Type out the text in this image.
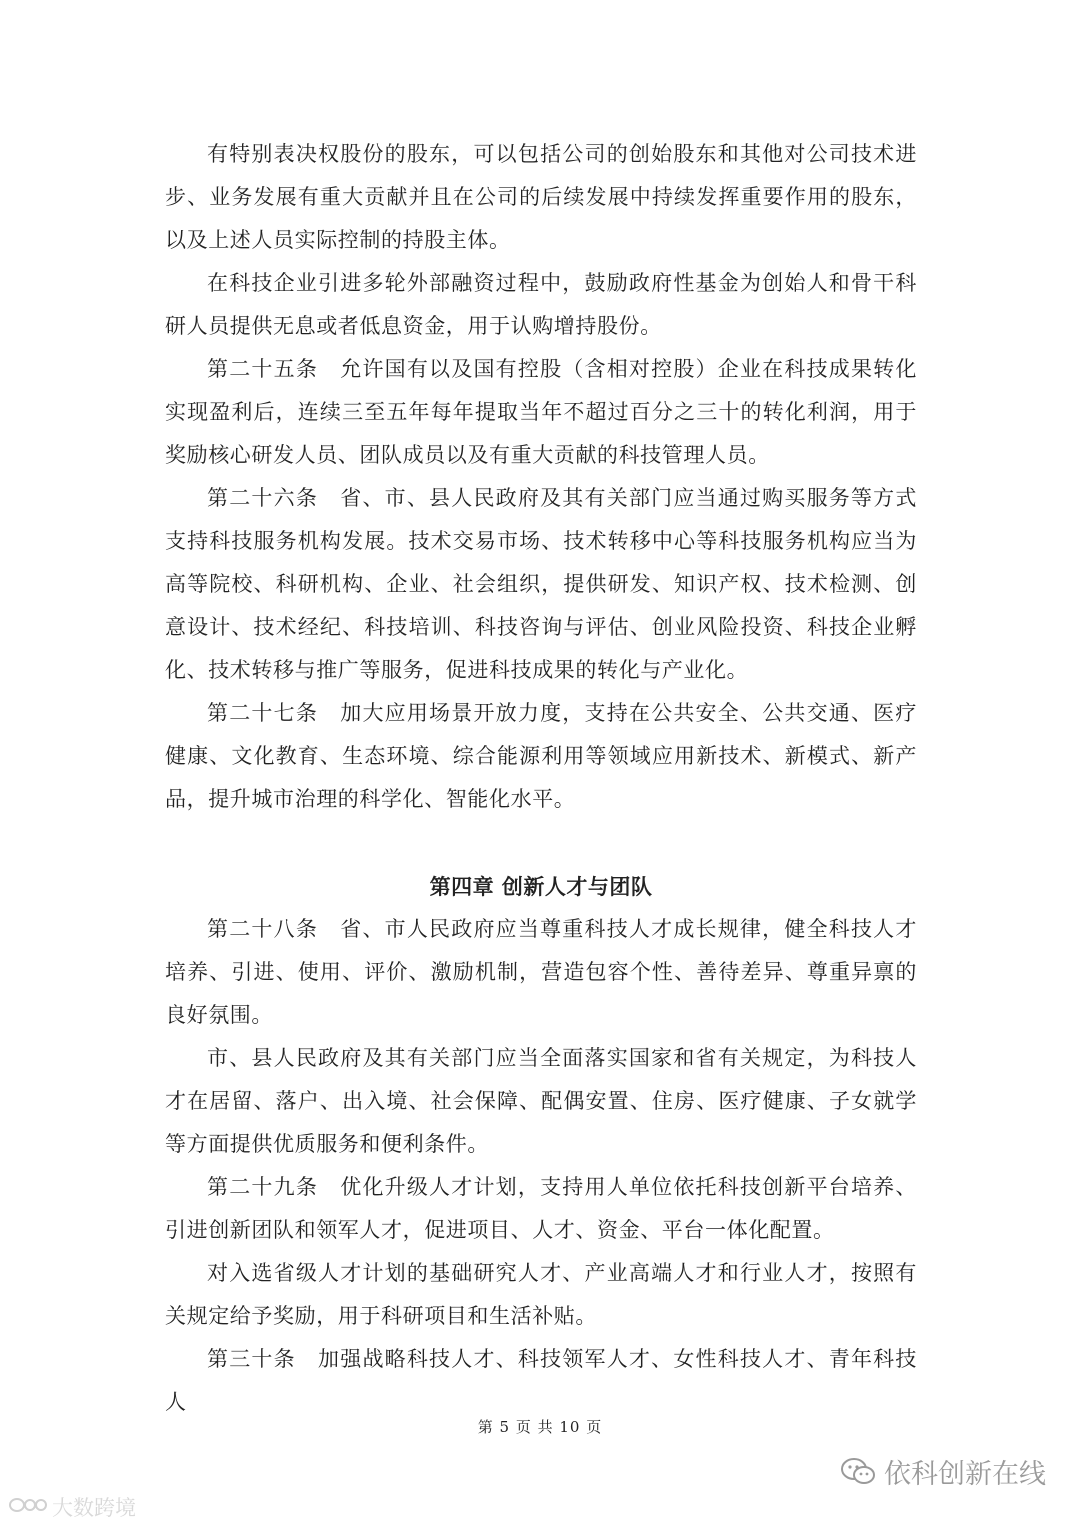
有特别表决权股份的股东，可以包括公司的创始股东和其他对公司技术进步、业务发展有重大贡献并且在公司的后续发展中持续发挥重要作用的股东，以及上述人员实际控制的持股主体。

在科技企业引进多轮外部融资过程中，鼓励政府性基金为创始人和骨干科研人员提供无息或者低息资金，用于认购增持股份。

第二十五条　允许国有以及国有控股（含相对控股）企业在科技成果转化实现盈利后，连续三至五年每年提取当年不超过百分之三十的转化利润，用于奖励核心研发人员、团队成员以及有重大贡献的科技管理人员。

第二十六条　省、市、县人民政府及其有关部门应当通过购买服务等方式支持科技服务机构发展。技术交易市场、技术转移中心等科技服务机构应当为高等院校、科研机构、企业、社会组织，提供研发、知识产权、技术检测、创意设计、技术经纪、科技培训、科技咨询与评估、创业风险投资、科技企业孵化、技术转移与推广等服务，促进科技成果的转化与产业化。

第二十七条　加大应用场景开放力度，支持在公共安全、公共交通、医疗健康、文化教育、生态环境、综合能源利用等领域应用新技术、新模式、新产品，提升城市治理的科学化、智能化水平。

第四章 创新人才与团队

第二十八条　省、市人民政府应当尊重科技人才成长规律，健全科技人才培养、引进、使用、评价、激励机制，营造包容个性、善待差异、尊重异禀的良好氛围。

市、县人民政府及其有关部门应当全面落实国家和省有关规定，为科技人才在居留、落户、出入境、社会保障、配偶安置、住房、医疗健康、子女就学等方面提供优质服务和便利条件。

第二十九条　优化升级人才计划，支持用人单位依托科技创新平台培养、引进创新团队和领军人才，促进项目、人才、资金、平台一体化配置。

对入选省级人才计划的基础研究人才、产业高端人才和行业人才，按照有关规定给予奖励，用于科研项目和生活补贴。

第三十条　加强战略科技人才、科技领军人才、女性科技人才、青年科技人

第 5 页 共 10 页
大数跨境
依科创新在线
